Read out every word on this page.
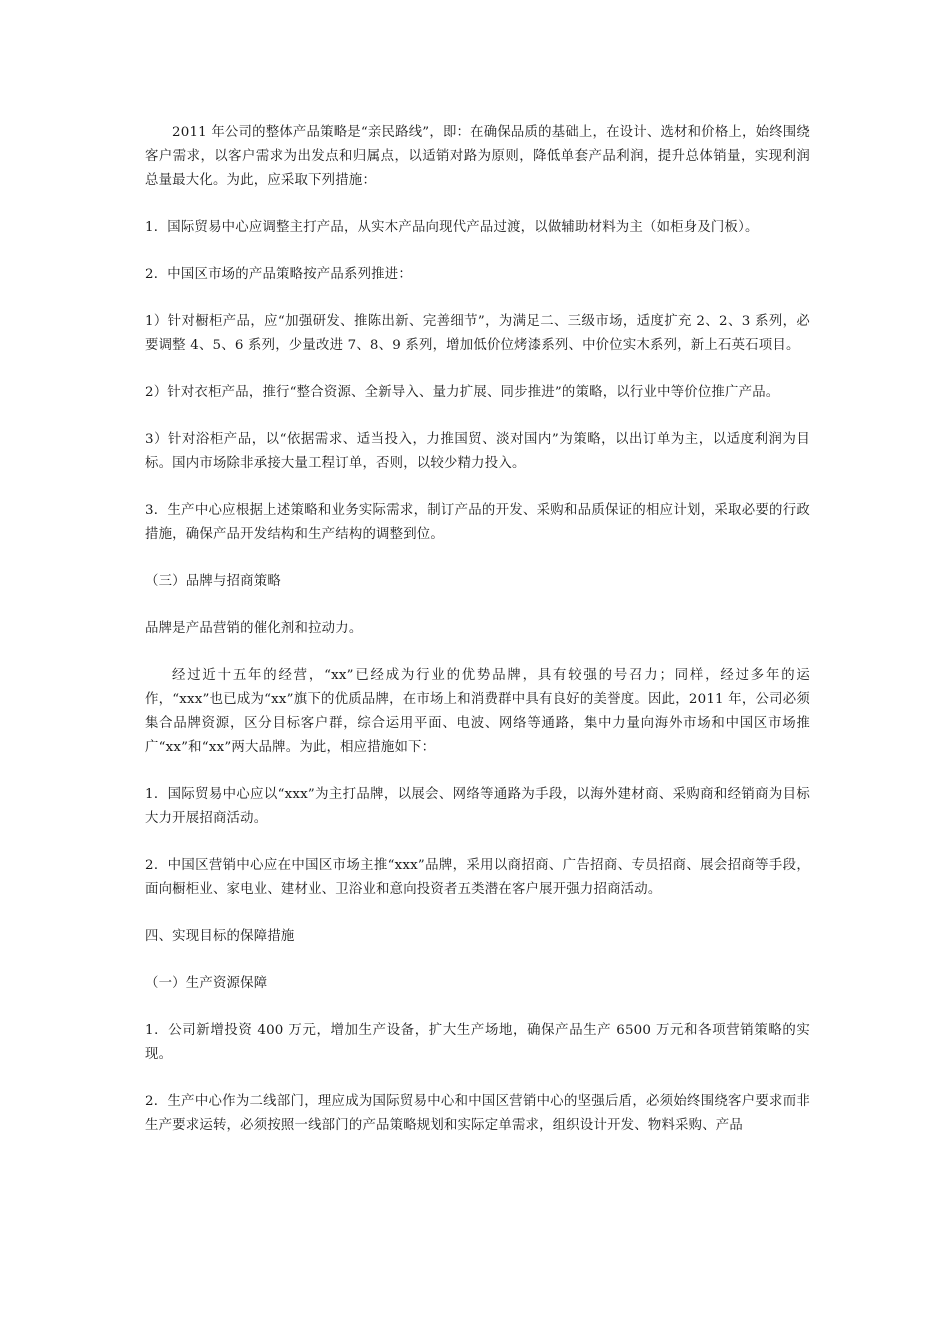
2011 年公司的整体产品策略是“亲民路线”，即：在确保品质的基础上，在设计、选材和价格上，始终围绕客户需求，以客户需求为出发点和归属点，以适销对路为原则，降低单套产品利润，提升总体销量，实现利润总量最大化。为此，应采取下列措施：

1．国际贸易中心应调整主打产品，从实木产品向现代产品过渡，以做辅助材料为主（如柜身及门板）。

2．中国区市场的产品策略按产品系列推进：

1）针对橱柜产品，应“加强研发、推陈出新、完善细节”，为满足二、三级市场，适度扩充 2、2、3 系列，必要调整 4、5、6 系列，少量改进 7、8、9 系列，增加低价位烤漆系列、中价位实木系列，新上石英石项目。

2）针对衣柜产品，推行“整合资源、全新导入、量力扩展、同步推进”的策略，以行业中等价位推广产品。

3）针对浴柜产品，以“依据需求、适当投入，力推国贸、淡对国内”为策略，以出订单为主，以适度利润为目标。国内市场除非承接大量工程订单，否则，以较少精力投入。

3．生产中心应根据上述策略和业务实际需求，制订产品的开发、采购和品质保证的相应计划，采取必要的行政措施，确保产品开发结构和生产结构的调整到位。

（三）品牌与招商策略

品牌是产品营销的催化剂和拉动力。

经过近十五年的经营，“xx”已经成为行业的优势品牌，具有较强的号召力；同样，经过多年的运作，“xxx”也已成为“xx”旗下的优质品牌，在市场上和消费群中具有良好的美誉度。因此，2011 年，公司必须集合品牌资源，区分目标客户群，综合运用平面、电波、网络等通路，集中力量向海外市场和中国区市场推广“xx”和“xx”两大品牌。为此，相应措施如下：

1．国际贸易中心应以“xxx”为主打品牌，以展会、网络等通路为手段，以海外建材商、采购商和经销商为目标大力开展招商活动。

2．中国区营销中心应在中国区市场主推“xxx”品牌，采用以商招商、广告招商、专员招商、展会招商等手段，面向橱柜业、家电业、建材业、卫浴业和意向投资者五类潜在客户展开强力招商活动。

四、实现目标的保障措施

（一）生产资源保障

1．公司新增投资 400 万元，增加生产设备，扩大生产场地，确保产品生产 6500 万元和各项营销策略的实现。

2．生产中心作为二线部门，理应成为国际贸易中心和中国区营销中心的坚强后盾，必须始终围绕客户要求而非生产要求运转，必须按照一线部门的产品策略规划和实际定单需求，组织设计开发、物料采购、产品
